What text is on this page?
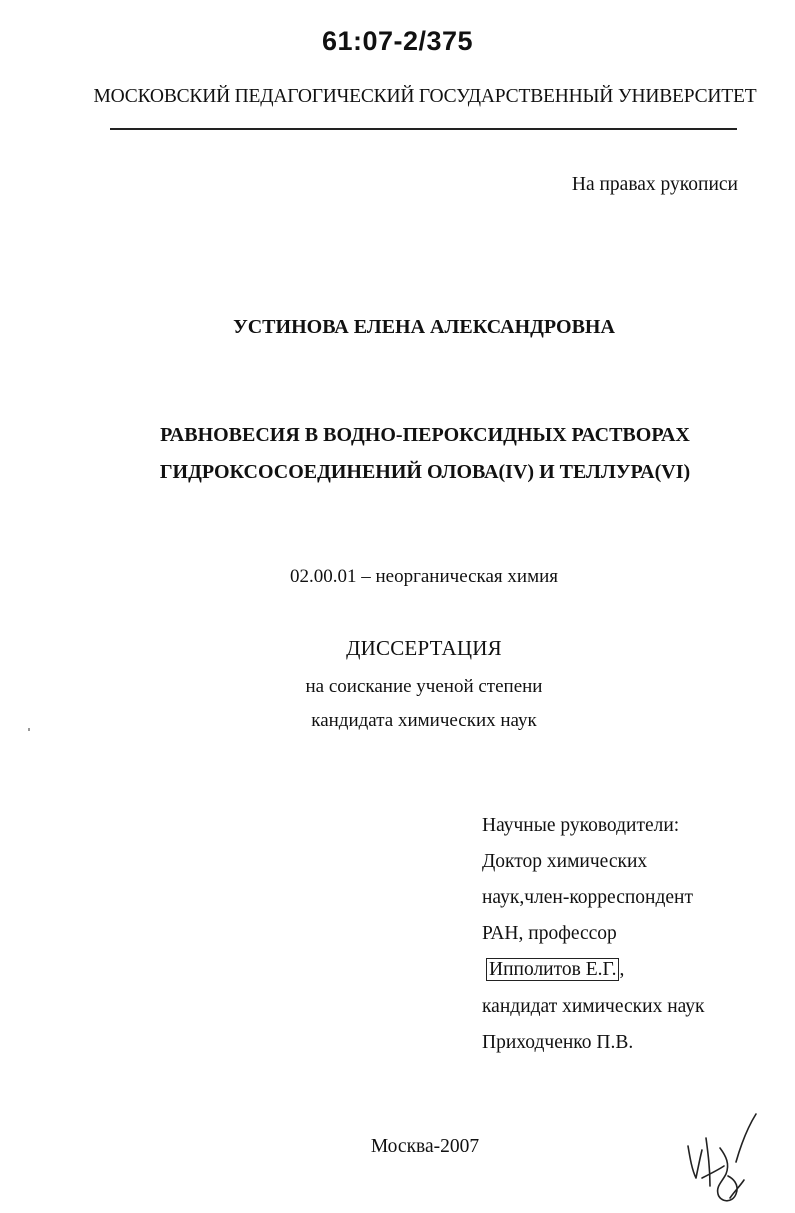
61:07-2/375
МОСКОВСКИЙ ПЕДАГОГИЧЕСКИЙ ГОСУДАРСТВЕННЫЙ УНИВЕРСИТЕТ
На правах рукописи
УСТИНОВА ЕЛЕНА АЛЕКСАНДРОВНА
РАВНОВЕСИЯ В ВОДНО-ПЕРОКСИДНЫХ РАСТВОРАХ
ГИДРОКСОСОЕДИНЕНИЙ ОЛОВА(IV) И ТЕЛЛУРА(VI)
02.00.01 – неорганическая химия
ДИССЕРТАЦИЯ
на соискание ученой степени
кандидата химических наук
Научные руководители:
Доктор химических
наук,член-корреспондент
РАН, профессор
Ипполитов Е.Г. ,
кандидат химических наук
Приходченко П.В.
Москва-2007
